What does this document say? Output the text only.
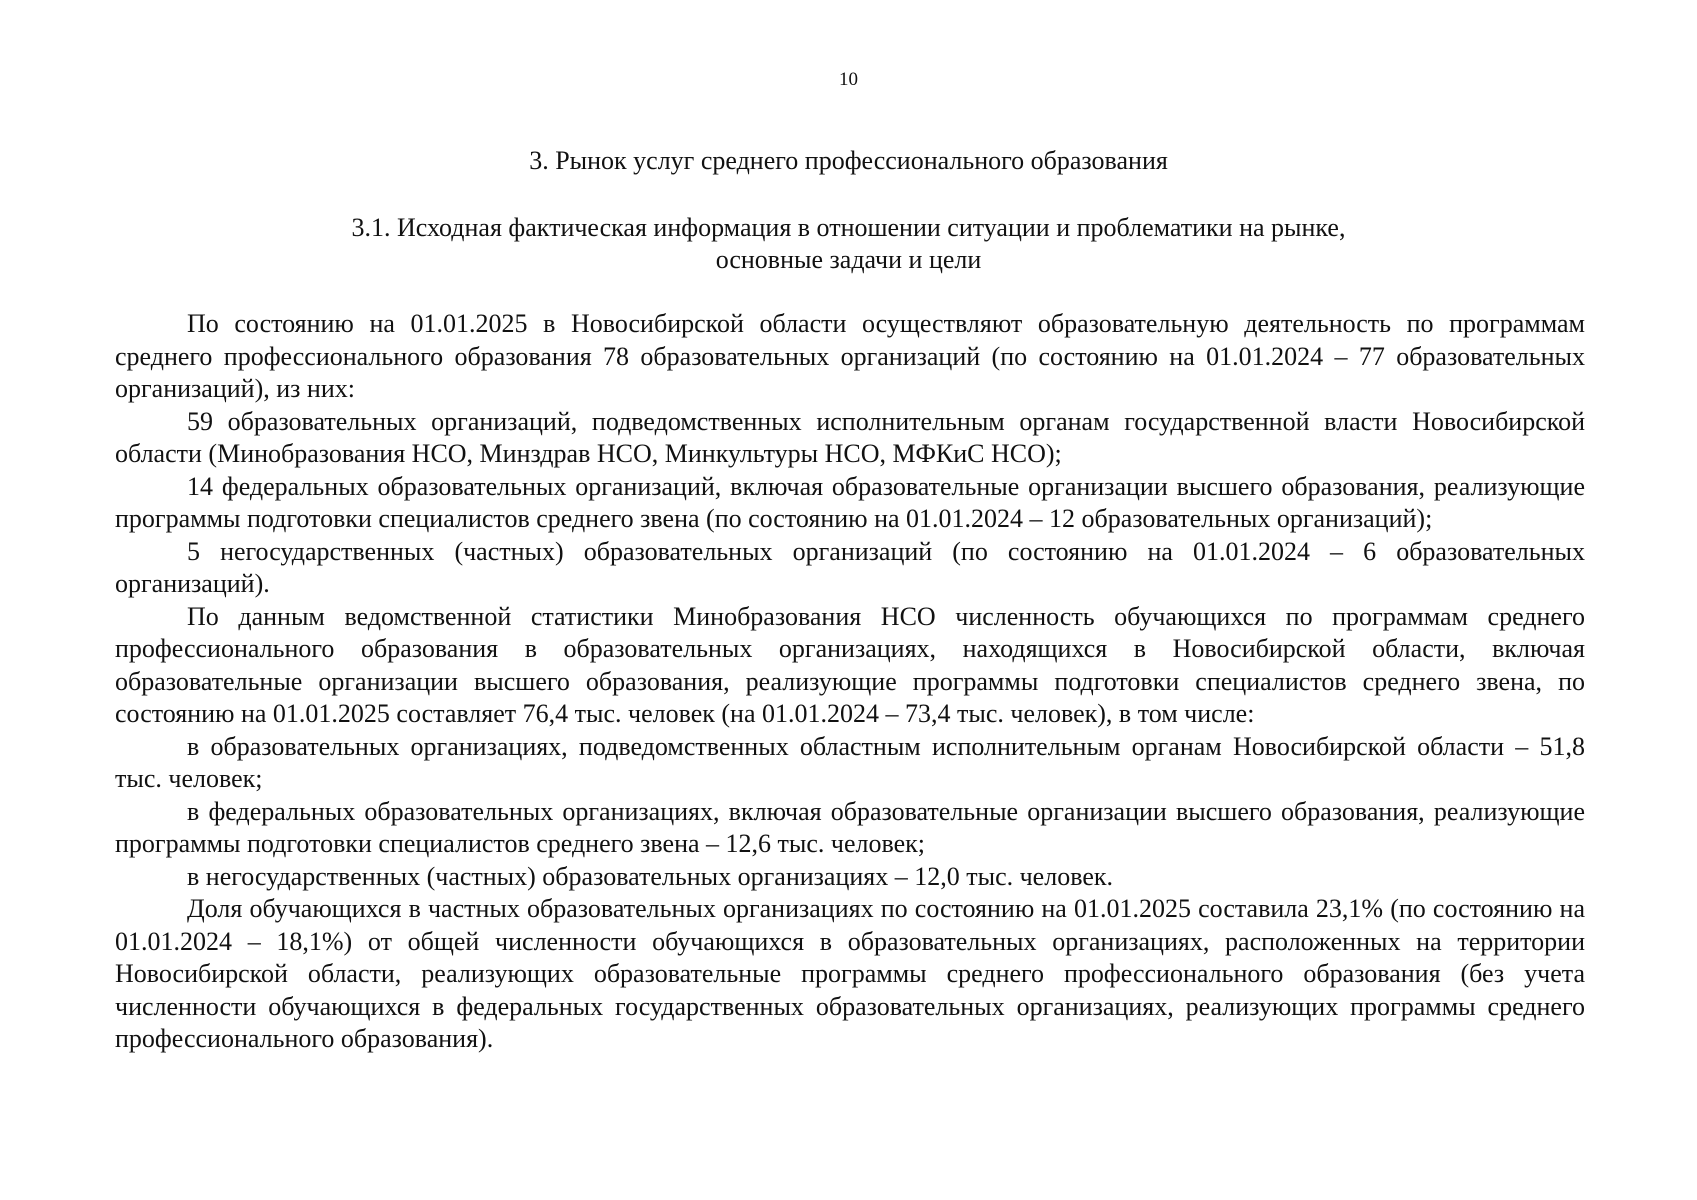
10
3. Рынок услуг среднего профессионального образования
3.1. Исходная фактическая информация в отношении ситуации и проблематики на рынке,
основные задачи и цели

По состоянию на 01.01.2025 в Новосибирской области осуществляют образовательную деятельность по программам среднего профессионального образования 78 образовательных организаций (по состоянию на 01.01.2024 – 77 образовательных организаций), из них:

59 образовательных организаций, подведомственных исполнительным органам государственной власти Новосибирской области (Минобразования НСО, Минздрав НСО, Минкультуры НСО, МФКиС НСО);

14 федеральных образовательных организаций, включая образовательные организации высшего образования, реализующие программы подготовки специалистов среднего звена (по состоянию на 01.01.2024 – 12 образовательных организаций);

5 негосударственных (частных) образовательных организаций (по состоянию на 01.01.2024 – 6 образовательных организаций).

По данным ведомственной статистики Минобразования НСО численность обучающихся по программам среднего профессионального образования в образовательных организациях, находящихся в Новосибирской области, включая образовательные организации высшего образования, реализующие программы подготовки специалистов среднего звена, по состоянию на 01.01.2025 составляет 76,4 тыс. человек (на 01.01.2024 – 73,4 тыс. человек), в том числе:

в образовательных организациях, подведомственных областным исполнительным органам Новосибирской области – 51,8 тыс. человек;

в федеральных образовательных организациях, включая образовательные организации высшего образования, реализующие программы подготовки специалистов среднего звена – 12,6 тыс. человек;

в негосударственных (частных) образовательных организациях – 12,0 тыс. человек.

Доля обучающихся в частных образовательных организациях по состоянию на 01.01.2025 составила 23,1% (по состоянию на 01.01.2024 – 18,1%) от общей численности обучающихся в образовательных организациях, расположенных на территории Новосибирской области, реализующих образовательные программы среднего профессионального образования (без учета численности обучающихся в федеральных государственных образовательных организациях, реализующих программы среднего профессионального образования).
